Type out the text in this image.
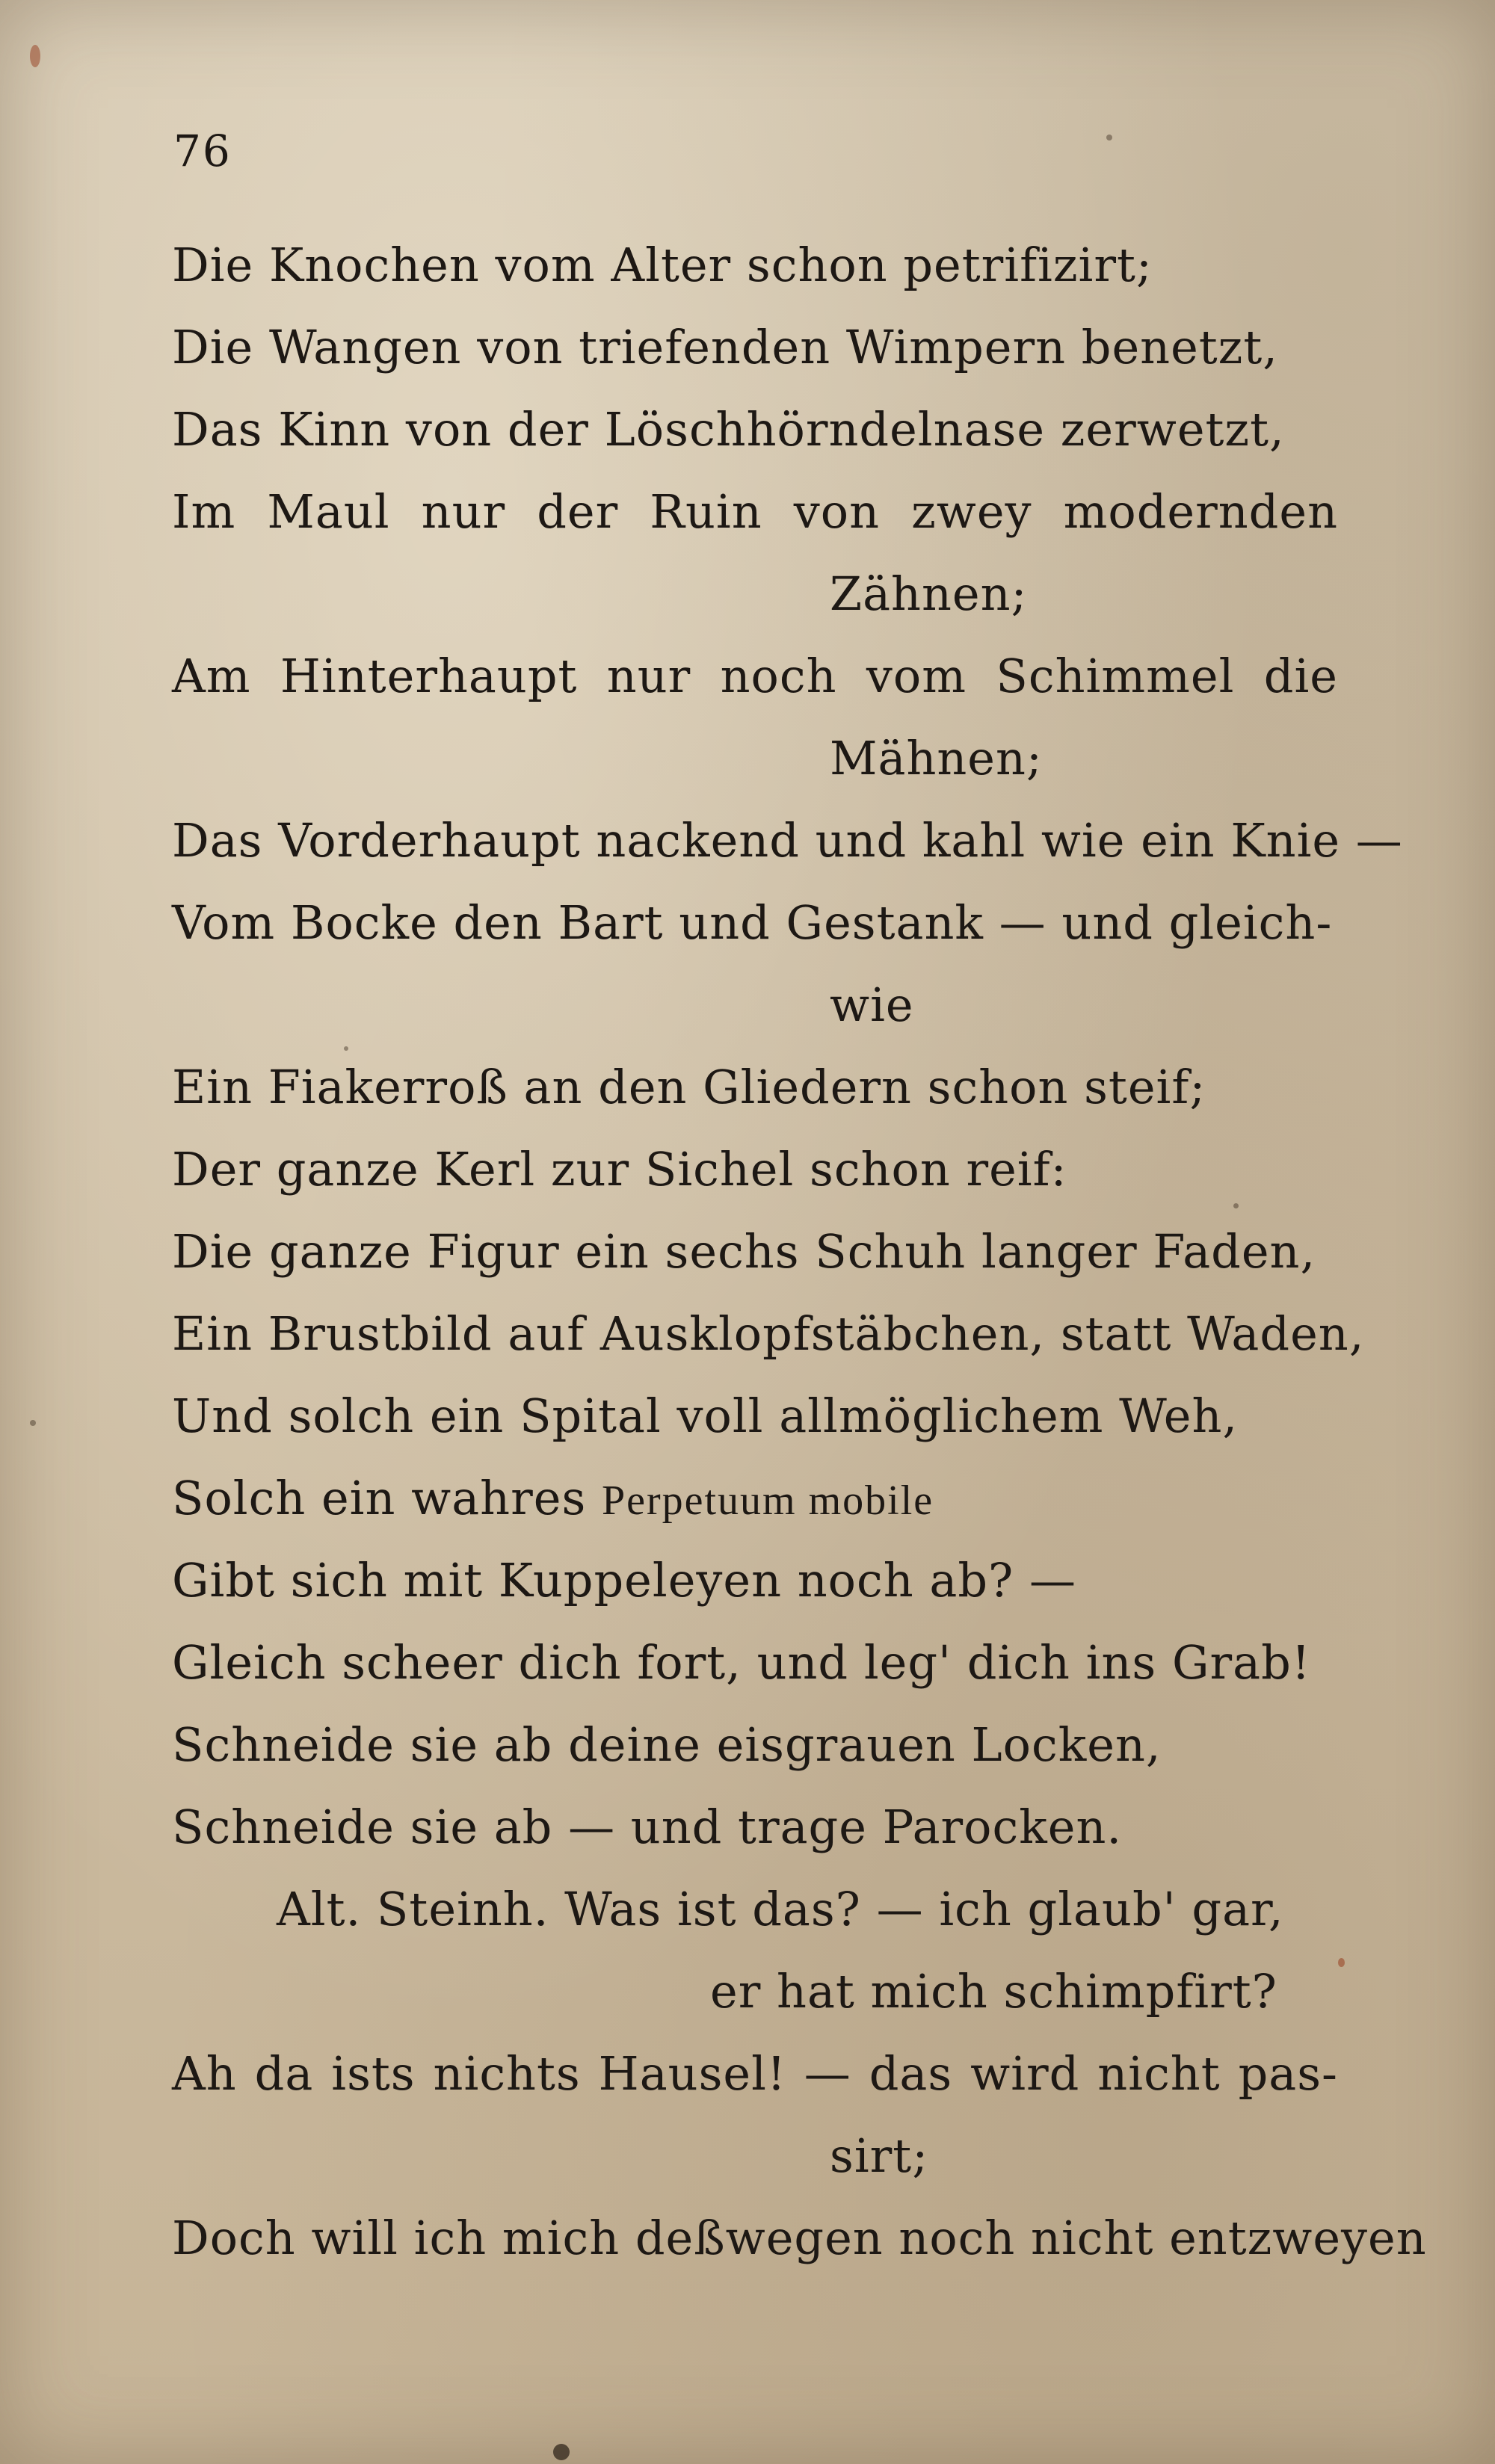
76
Die Knochen vom Alter schon petrifizirt;
Die Wangen von triefenden Wimpern benetzt,
Das Kinn von der Löschhörndelnase zerwetzt,
Im Maul nur der Ruin von zwey modernden
Zähnen;
Am Hinterhaupt nur noch vom Schimmel die
Mähnen;
Das Vorderhaupt nackend und kahl wie ein Knie —
Vom Bocke den Bart und Gestank — und gleich-
wie
Ein Fiakerroß an den Gliedern schon steif;
Der ganze Kerl zur Sichel schon reif:
Die ganze Figur ein sechs Schuh langer Faden,
Ein Brustbild auf Ausklopfstäbchen, statt Waden,
Und solch ein Spital voll allmöglichem Weh,
Solch ein wahres Perpetuum mobile
Gibt sich mit Kuppeleyen noch ab? —
Gleich scheer dich fort, und leg' dich ins Grab!
Schneide sie ab deine eisgrauen Locken,
Schneide sie ab — und trage Parocken.
Alt. Steinh. Was ist das? — ich glaub' gar,
er hat mich schimpfirt?
Ah da ists nichts Hausel! — das wird nicht pas-
sirt;
Doch will ich mich deßwegen noch nicht entzweyen
